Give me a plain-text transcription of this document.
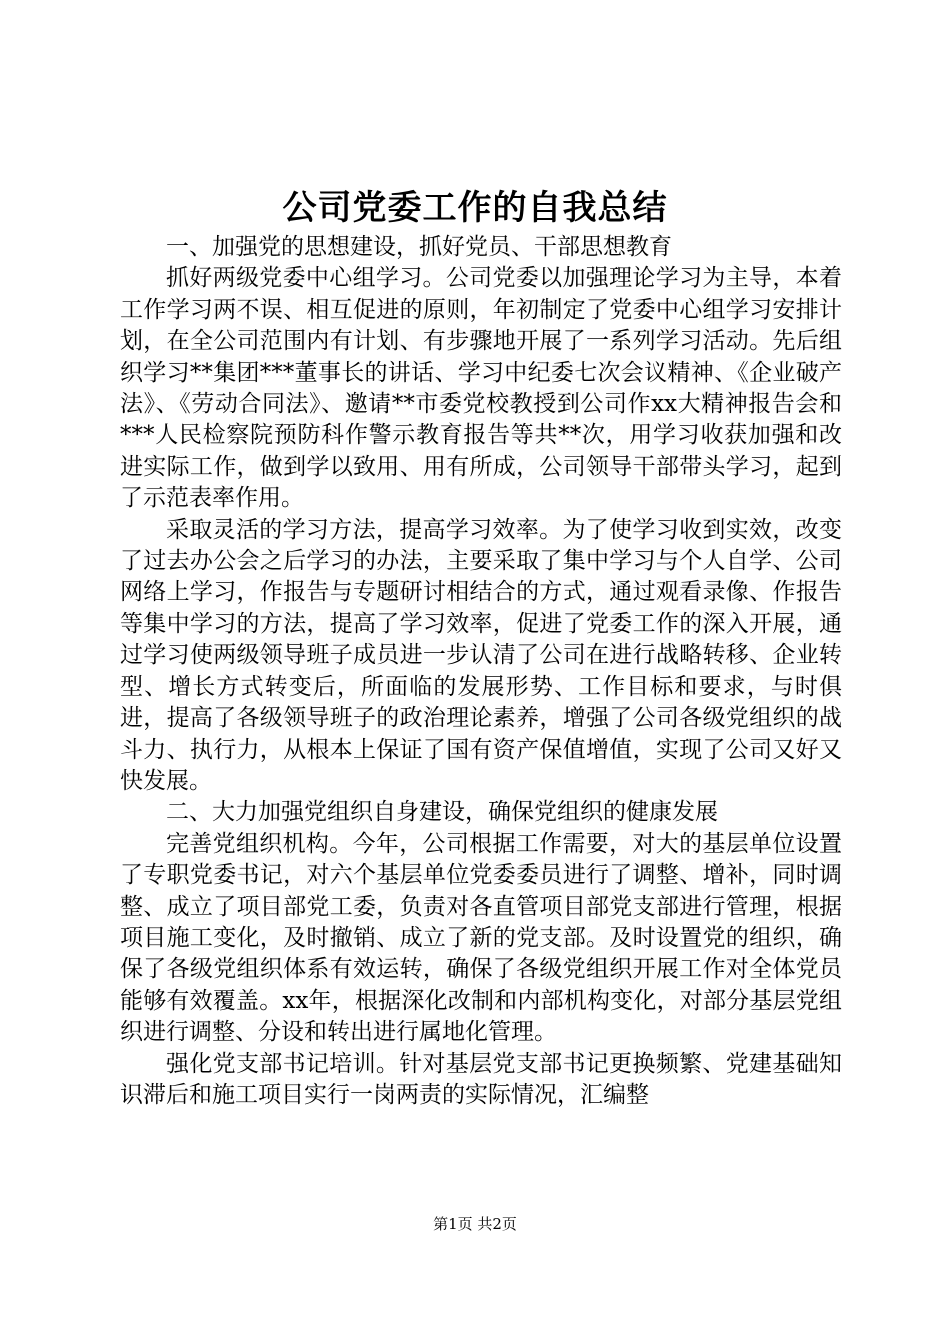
公司党委工作的自我总结

一、加强党的思想建设，抓好党员、干部思想教育

抓好两级党委中心组学习。公司党委以加强理论学习为主导，本着工作学习两不误、相互促进的原则，年初制定了党委中心组学习安排计划，在全公司范围内有计划、有步骤地开展了一系列学习活动。先后组织学习**集团***董事长的讲话、学习中纪委七次会议精神、《企业破产法》、《劳动合同法》、邀请**市委党校教授到公司作xx大精神报告会和***人民检察院预防科作警示教育报告等共**次，用学习收获加强和改进实际工作，做到学以致用、用有所成，公司领导干部带头学习，起到了示范表率作用。

采取灵活的学习方法，提高学习效率。为了使学习收到实效，改变了过去办公会之后学习的办法，主要采取了集中学习与个人自学、公司网络上学习，作报告与专题研讨相结合的方式，通过观看录像、作报告等集中学习的方法，提高了学习效率，促进了党委工作的深入开展，通过学习使两级领导班子成员进一步认清了公司在进行战略转移、企业转型、增长方式转变后，所面临的发展形势、工作目标和要求，与时俱进，提高了各级领导班子的政治理论素养，增强了公司各级党组织的战斗力、执行力，从根本上保证了国有资产保值增值，实现了公司又好又快发展。

二、大力加强党组织自身建设，确保党组织的健康发展

完善党组织机构。今年，公司根据工作需要，对大的基层单位设置了专职党委书记，对六个基层单位党委委员进行了调整、增补，同时调整、成立了项目部党工委，负责对各直管项目部党支部进行管理，根据项目施工变化，及时撤销、成立了新的党支部。及时设置党的组织，确保了各级党组织体系有效运转，确保了各级党组织开展工作对全体党员能够有效覆盖。xx年，根据深化改制和内部机构变化，对部分基层党组织进行调整、分设和转出进行属地化管理。

强化党支部书记培训。针对基层党支部书记更换频繁、党建基础知识滞后和施工项目实行一岗两责的实际情况，汇编整

第1页 共2页
